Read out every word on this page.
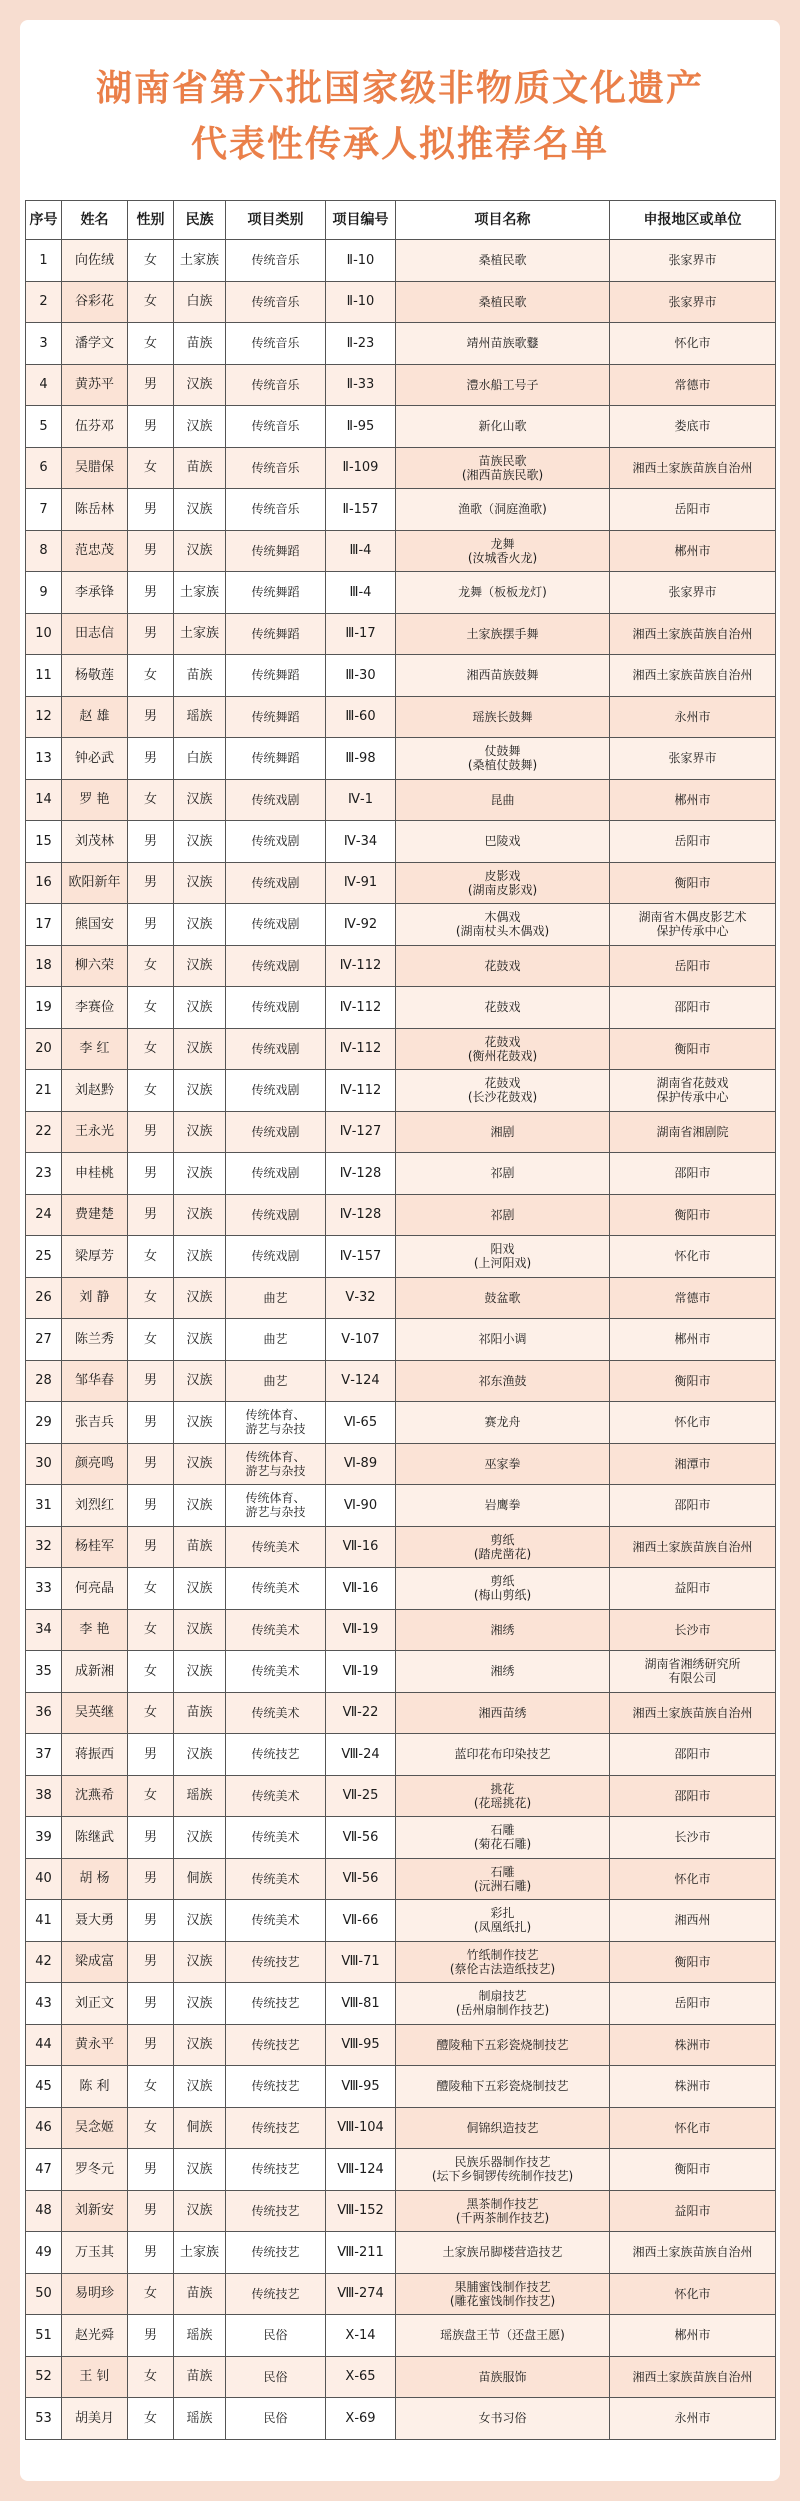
湖南省第六批国家级非物质文化遗产
代表性传承人拟推荐名单
序号	姓名	性别	民族	项目类别	项目编号	项目名称	申报地区或单位
1	向佐绒	女	土家族	传统音乐	Ⅱ-10	桑植民歌	张家界市
2	谷彩花	女	白族	传统音乐	Ⅱ-10	桑植民歌	张家界市
3	潘学文	女	苗族	传统音乐	Ⅱ-23	靖州苗族歌鼟	怀化市
4	黄苏平	男	汉族	传统音乐	Ⅱ-33	澧水船工号子	常德市
5	伍芬邓	男	汉族	传统音乐	Ⅱ-95	新化山歌	娄底市
6	吴腊保	女	苗族	传统音乐	Ⅱ-109	苗族民歌
(湘西苗族民歌)	湘西土家族苗族自治州
7	陈岳林	男	汉族	传统音乐	Ⅱ-157	渔歌（洞庭渔歌)	岳阳市
8	范忠茂	男	汉族	传统舞蹈	Ⅲ-4	龙舞
(汝城香火龙)	郴州市
9	李承锋	男	土家族	传统舞蹈	Ⅲ-4	龙舞（板板龙灯)	张家界市
10	田志信	男	土家族	传统舞蹈	Ⅲ-17	土家族摆手舞	湘西土家族苗族自治州
11	杨敬莲	女	苗族	传统舞蹈	Ⅲ-30	湘西苗族鼓舞	湘西土家族苗族自治州
12	赵 雄	男	瑶族	传统舞蹈	Ⅲ-60	瑶族长鼓舞	永州市
13	钟必武	男	白族	传统舞蹈	Ⅲ-98	仗鼓舞
(桑植仗鼓舞)	张家界市
14	罗 艳	女	汉族	传统戏剧	Ⅳ-1	昆曲	郴州市
15	刘茂林	男	汉族	传统戏剧	Ⅳ-34	巴陵戏	岳阳市
16	欧阳新年	男	汉族	传统戏剧	Ⅳ-91	皮影戏
(湖南皮影戏)	衡阳市
17	熊国安	男	汉族	传统戏剧	Ⅳ-92	木偶戏
(湖南杖头木偶戏)	湖南省木偶皮影艺术
保护传承中心
18	柳六荣	女	汉族	传统戏剧	Ⅳ-112	花鼓戏	岳阳市
19	李赛俭	女	汉族	传统戏剧	Ⅳ-112	花鼓戏	邵阳市
20	李 红	女	汉族	传统戏剧	Ⅳ-112	花鼓戏
(衡州花鼓戏)	衡阳市
21	刘赵黔	女	汉族	传统戏剧	Ⅳ-112	花鼓戏
(长沙花鼓戏)	湖南省花鼓戏
保护传承中心
22	王永光	男	汉族	传统戏剧	Ⅳ-127	湘剧	湖南省湘剧院
23	申桂桃	男	汉族	传统戏剧	Ⅳ-128	祁剧	邵阳市
24	费建楚	男	汉族	传统戏剧	Ⅳ-128	祁剧	衡阳市
25	梁厚芳	女	汉族	传统戏剧	Ⅳ-157	阳戏
(上河阳戏)	怀化市
26	刘 静	女	汉族	曲艺	Ⅴ-32	鼓盆歌	常德市
27	陈兰秀	女	汉族	曲艺	Ⅴ-107	祁阳小调	郴州市
28	邹华春	男	汉族	曲艺	Ⅴ-124	祁东渔鼓	衡阳市
29	张吉兵	男	汉族	传统体育、
游艺与杂技	Ⅵ-65	赛龙舟	怀化市
30	颜亮鸣	男	汉族	传统体育、
游艺与杂技	Ⅵ-89	巫家拳	湘潭市
31	刘烈红	男	汉族	传统体育、
游艺与杂技	Ⅵ-90	岩鹰拳	邵阳市
32	杨桂军	男	苗族	传统美术	Ⅶ-16	剪纸
(踏虎凿花)	湘西土家族苗族自治州
33	何亮晶	女	汉族	传统美术	Ⅶ-16	剪纸
(梅山剪纸)	益阳市
34	李 艳	女	汉族	传统美术	Ⅶ-19	湘绣	长沙市
35	成新湘	女	汉族	传统美术	Ⅶ-19	湘绣	湖南省湘绣研究所
有限公司
36	吴英继	女	苗族	传统美术	Ⅶ-22	湘西苗绣	湘西土家族苗族自治州
37	蒋振西	男	汉族	传统技艺	Ⅷ-24	蓝印花布印染技艺	邵阳市
38	沈燕希	女	瑶族	传统美术	Ⅶ-25	挑花
(花瑶挑花)	邵阳市
39	陈继武	男	汉族	传统美术	Ⅶ-56	石雕
(菊花石雕)	长沙市
40	胡 杨	男	侗族	传统美术	Ⅶ-56	石雕
(沅洲石雕)	怀化市
41	聂大勇	男	汉族	传统美术	Ⅶ-66	彩扎
(凤凰纸扎)	湘西州
42	梁成富	男	汉族	传统技艺	Ⅷ-71	竹纸制作技艺
(蔡伦古法造纸技艺)	衡阳市
43	刘正文	男	汉族	传统技艺	Ⅷ-81	制扇技艺
(岳州扇制作技艺)	岳阳市
44	黄永平	男	汉族	传统技艺	Ⅷ-95	醴陵釉下五彩瓷烧制技艺	株洲市
45	陈 利	女	汉族	传统技艺	Ⅷ-95	醴陵釉下五彩瓷烧制技艺	株洲市
46	吴念姬	女	侗族	传统技艺	Ⅷ-104	侗锦织造技艺	怀化市
47	罗冬元	男	汉族	传统技艺	Ⅷ-124	民族乐器制作技艺
(坛下乡铜锣传统制作技艺)	衡阳市
48	刘新安	男	汉族	传统技艺	Ⅷ-152	黑茶制作技艺
(千两茶制作技艺)	益阳市
49	万玉其	男	土家族	传统技艺	Ⅷ-211	土家族吊脚楼营造技艺	湘西土家族苗族自治州
50	易明珍	女	苗族	传统技艺	Ⅷ-274	果脯蜜饯制作技艺
(雕花蜜饯制作技艺)	怀化市
51	赵光舜	男	瑶族	民俗	Ⅹ-14	瑶族盘王节（还盘王愿)	郴州市
52	王 钊	女	苗族	民俗	Ⅹ-65	苗族服饰	湘西土家族苗族自治州
53	胡美月	女	瑶族	民俗	Ⅹ-69	女书习俗	永州市
